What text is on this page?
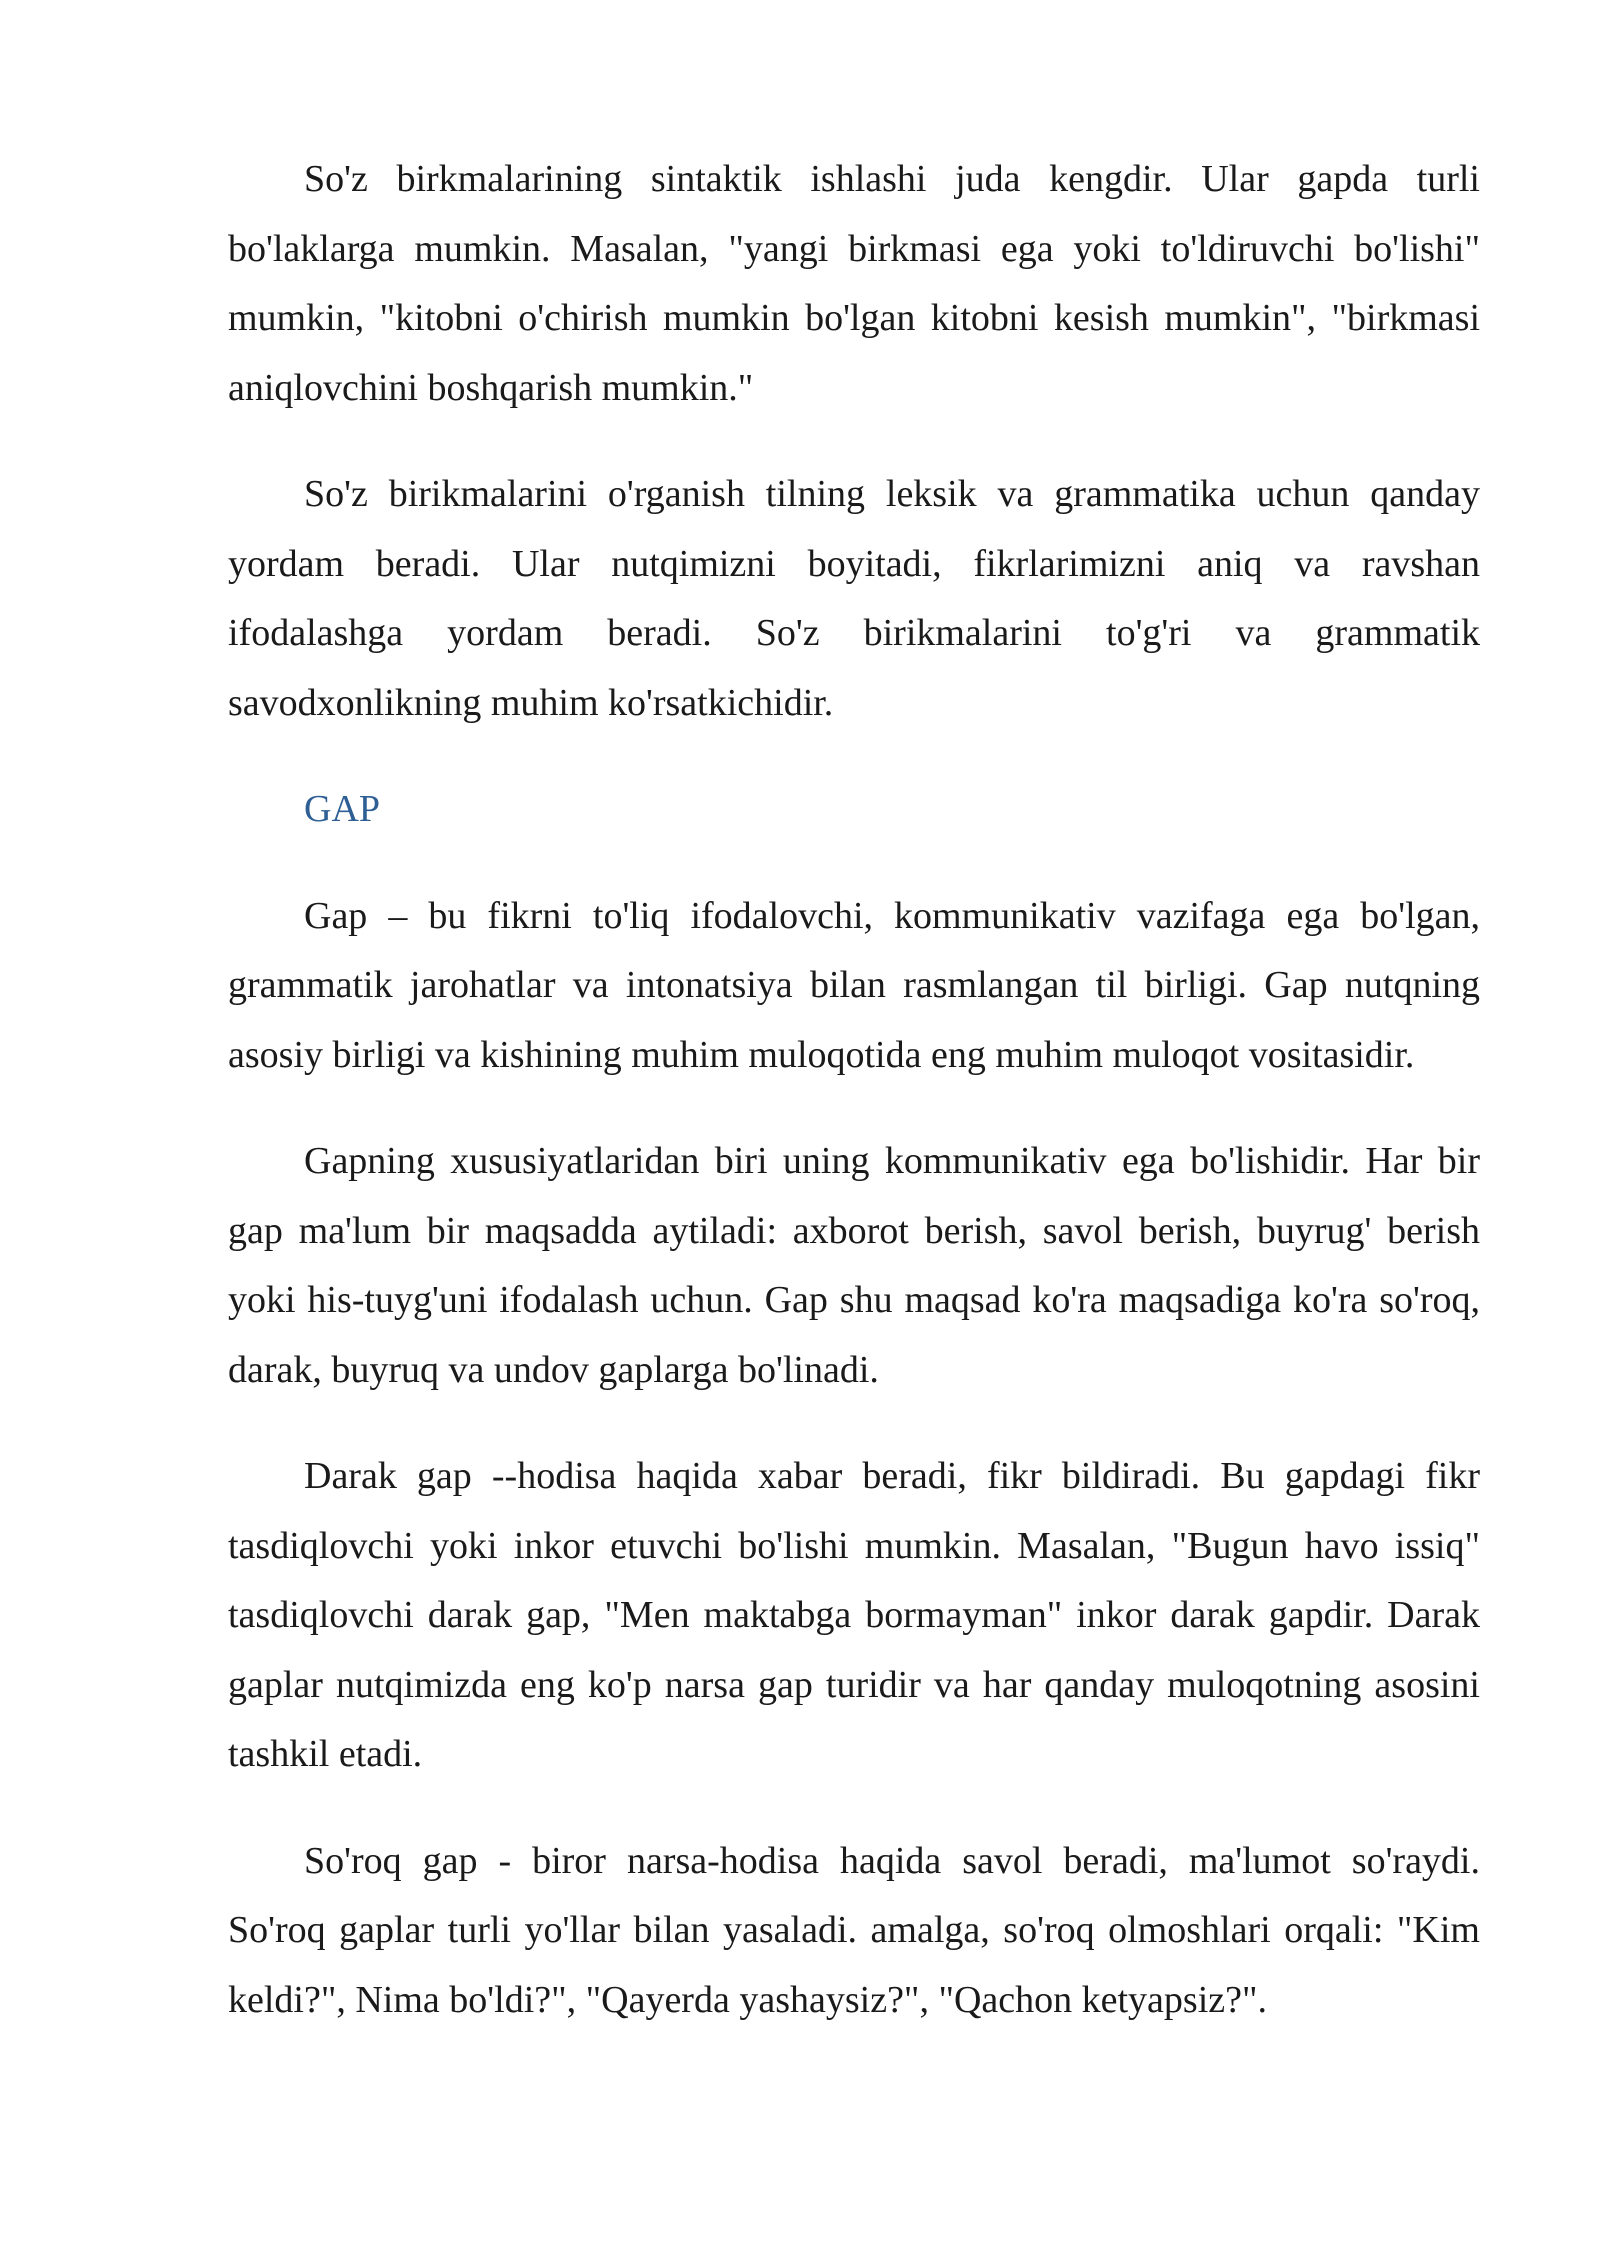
So'z birkmalarining sintaktik ishlashi juda kengdir. Ular gapda turli bo'laklarga mumkin. Masalan, "yangi birkmasi ega yoki to'ldiruvchi bo'lishi" mumkin, "kitobni o'chirish mumkin bo'lgan kitobni kesish mumkin", "birkmasi aniqlovchini boshqarish mumkin."

So'z birikmalarini o'rganish tilning leksik va grammatika uchun qanday yordam beradi. Ular nutqimizni boyitadi, fikrlarimizni aniq va ravshan ifodalashga yordam beradi. So'z birikmalarini to'g'ri va grammatik savodxonlikning muhim ko'rsatkichidir.

GAP

Gap – bu fikrni to'liq ifodalovchi, kommunikativ vazifaga ega bo'lgan, grammatik jarohatlar va intonatsiya bilan rasmlangan til birligi. Gap nutqning asosiy birligi va kishining muhim muloqotida eng muhim muloqot vositasidir.

Gapning xususiyatlaridan biri uning kommunikativ ega bo'lishidir. Har bir gap ma'lum bir maqsadda aytiladi: axborot berish, savol berish, buyrug' berish yoki his-tuyg'uni ifodalash uchun. Gap shu maqsad ko'ra maqsadiga ko'ra so'roq, darak, buyruq va undov gaplarga bo'linadi.

Darak gap --hodisa haqida xabar beradi, fikr bildiradi. Bu gapdagi fikr tasdiqlovchi yoki inkor etuvchi bo'lishi mumkin. Masalan, "Bugun havo issiq" tasdiqlovchi darak gap, "Men maktabga bormayman" inkor darak gapdir. Darak gaplar nutqimizda eng ko'p narsa gap turidir va har qanday muloqotning asosini tashkil etadi.

So'roq gap - biror narsa-hodisa haqida savol beradi, ma'lumot so'raydi. So'roq gaplar turli yo'llar bilan yasaladi. amalga, so'roq olmoshlari orqali: "Kim keldi?", Nima bo'ldi?", "Qayerda yashaysiz?", "Qachon ketyapsiz?".
